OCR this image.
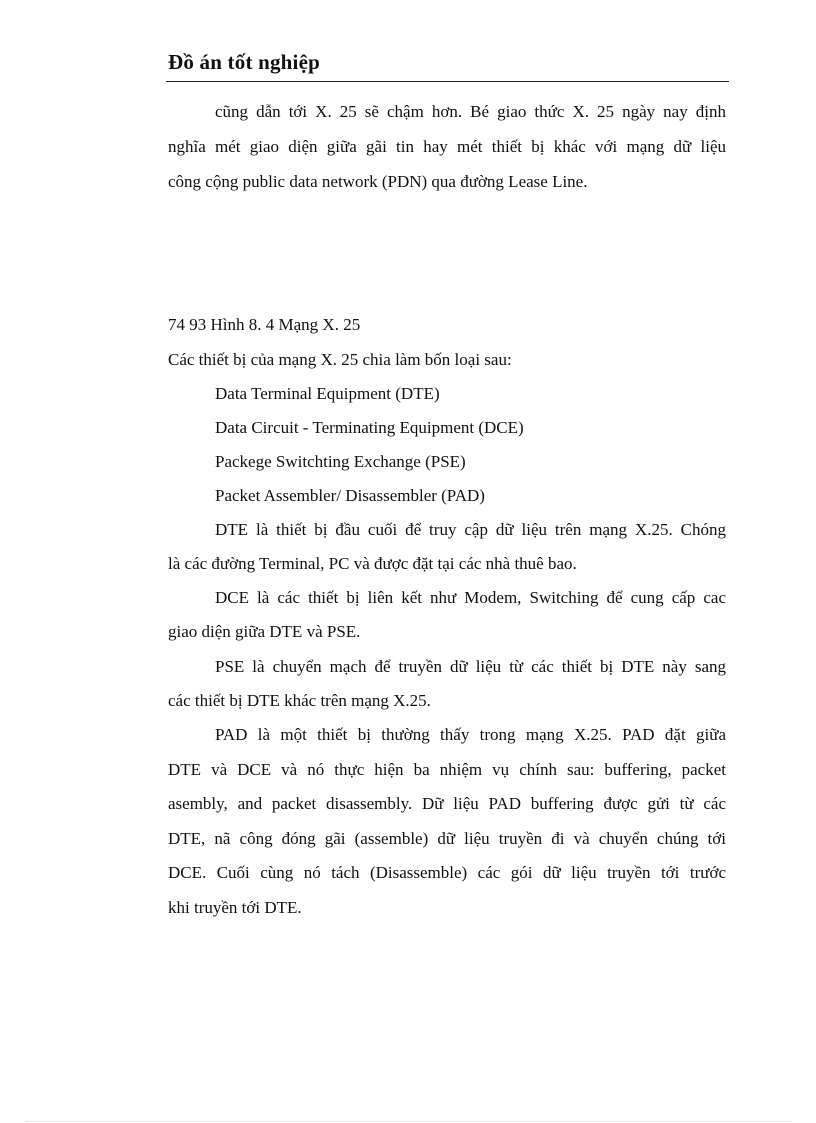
Đồ án tốt nghiệp
cũng dẫn tới X. 25 sẽ chậm hơn. Bé giao thức X. 25 ngày nay định
nghĩa mét giao diện giữa gãi tin hay mét thiết bị khác với mạng dữ liệu
công cộng public data network (PDN) qua đường Lease Line.
74 93 Hình 8. 4 Mạng X. 25
Các thiết bị của mạng X. 25 chia làm bốn loại sau:
Data Terminal Equipment (DTE)
Data Circuit - Terminating Equipment (DCE)
Packege Switchting Exchange (PSE)
Packet Assembler/ Disassembler (PAD)
DTE là thiết bị đầu cuối để truy cập dữ liệu trên mạng X.25. Chóng
là các đường Terminal, PC và được đặt tại các nhà thuê bao.
DCE là các thiết bị liên kết như Modem, Switching để cung cấp cac
giao diện giữa DTE và PSE.
PSE là chuyển mạch để truyền dữ liệu từ các thiết bị DTE này sang
các thiết bị DTE khác trên mạng X.25.
PAD là một thiết bị thường thấy trong mạng X.25. PAD đặt giữa
DTE và DCE và nó thực hiện ba nhiệm vụ chính sau: buffering, packet
asembly, and packet disassembly. Dữ liệu PAD buffering được gửi từ các
DTE, nã công đóng gãi (assemble) dữ liệu truyền đi và chuyển chúng tới
DCE. Cuối cùng nó tách (Disassemble) các gói dữ liệu truyền tới trước
khi truyền tới DTE.
